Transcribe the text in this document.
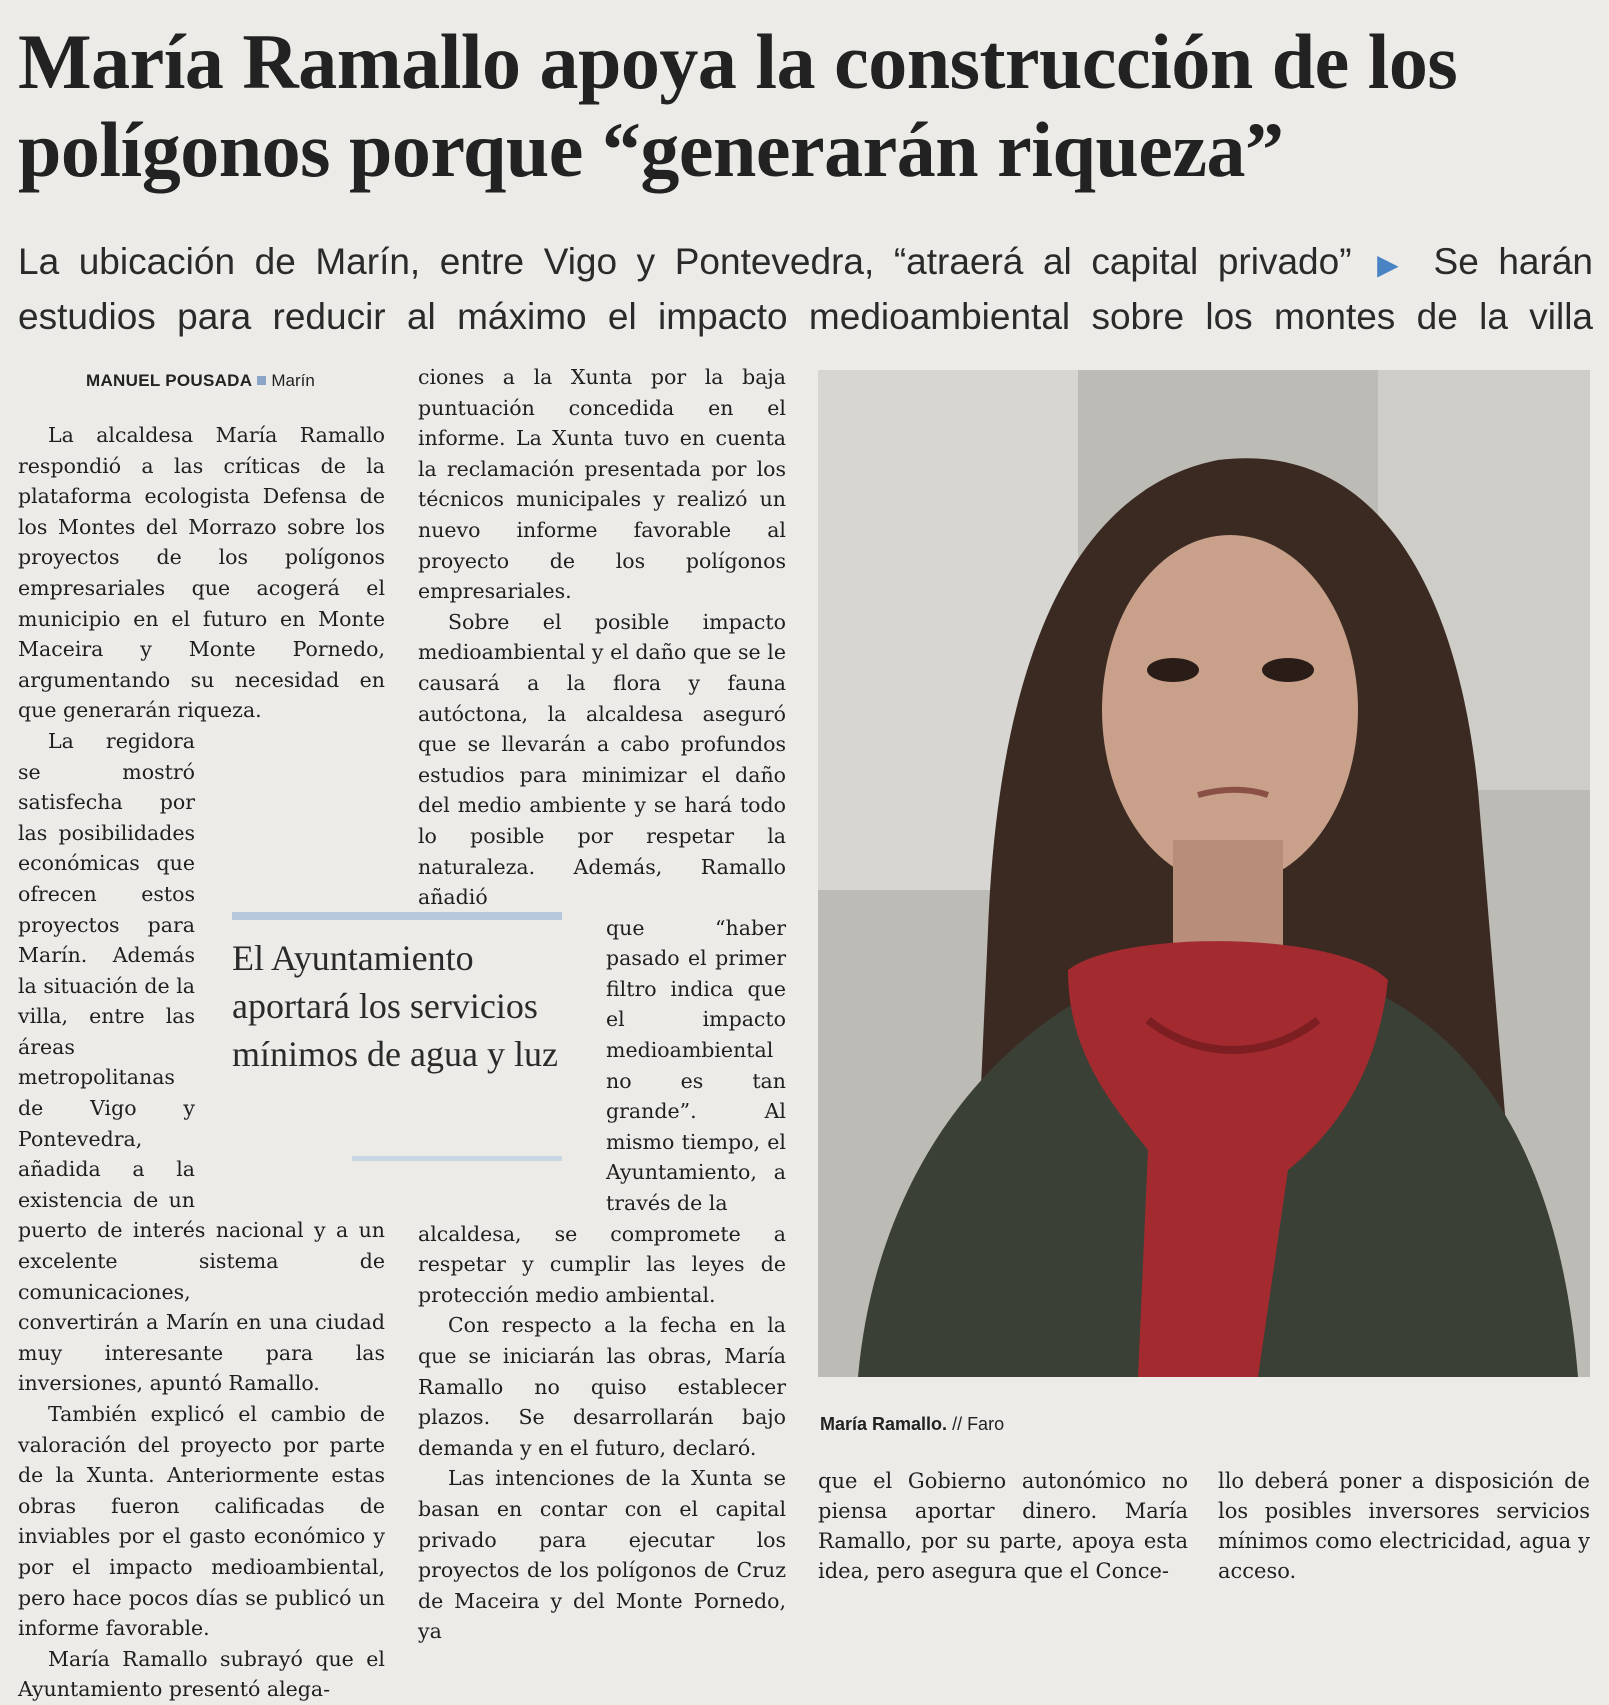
María Ramallo apoya la construcción de los polígonos porque “generarán riqueza”
La ubicación de Marín, entre Vigo y Pontevedra, “atraerá al capital privado” ▶ Se harán estudios para reducir al máximo el impacto medioambiental sobre los montes de la villa
MANUEL POUSADA Marín

La alcaldesa María Ramallo respondió a las críticas de la plataforma ecologista Defensa de los Montes del Morrazo sobre los proyectos de los polígonos empresariales que acogerá el municipio en el futuro en Monte Maceira y Monte Pornedo, argumentando su necesidad en que generarán riqueza.

La regidora se mostró satisfecha por las posibilidades económicas que ofrecen estos proyectos para Marín. Además la situación de la villa, entre las áreas

metropolitanas de Vigo y Pontevedra, añadida a la existencia de un puerto de interés nacional y a un excelente sistema de comunicaciones,

convertirán a Marín en una ciudad muy interesante para las inversiones, apuntó Ramallo.

También explicó el cambio de valoración del proyecto por parte de la Xunta. Anteriormente estas obras fueron calificadas de inviables por el gasto económico y por el impacto medioambiental, pero hace pocos días se publicó un informe favorable.

María Ramallo subrayó que el Ayuntamiento presentó alega-

ciones a la Xunta por la baja puntuación concedida en el informe. La Xunta tuvo en cuenta la reclamación presentada por los técnicos municipales y realizó un nuevo informe favorable al proyecto de los polígonos empresariales.

Sobre el posible impacto medioambiental y el daño que se le causará a la flora y fauna autóctona, la alcaldesa aseguró que se llevarán a cabo profundos estudios para minimizar el daño del medio ambiente y se hará todo lo posible por respetar la naturaleza. Además, Ramallo añadió

que “haber pasado el primer filtro indica que el impacto medioambiental no es tan grande”. Al mismo tiempo, el Ayuntamiento, a través de la

alcaldesa, se compromete a respetar y cumplir las leyes de protección medio ambiental.

Con respecto a la fecha en la que se iniciarán las obras, María Ramallo no quiso establecer plazos. Se desarrollarán bajo demanda y en el futuro, declaró.

Las intenciones de la Xunta se basan en contar con el capital privado para ejecutar los proyectos de los polígonos de Cruz de Maceira y del Monte Pornedo, ya

El Ayuntamiento aportará los servicios mínimos de agua y luz
María Ramallo. // Faro

que el Gobierno autonómico no piensa aportar dinero. María Ramallo, por su parte, apoya esta idea, pero asegura que el Conce-

llo deberá poner a disposición de los posibles inversores servicios mínimos como electricidad, agua y acceso.
